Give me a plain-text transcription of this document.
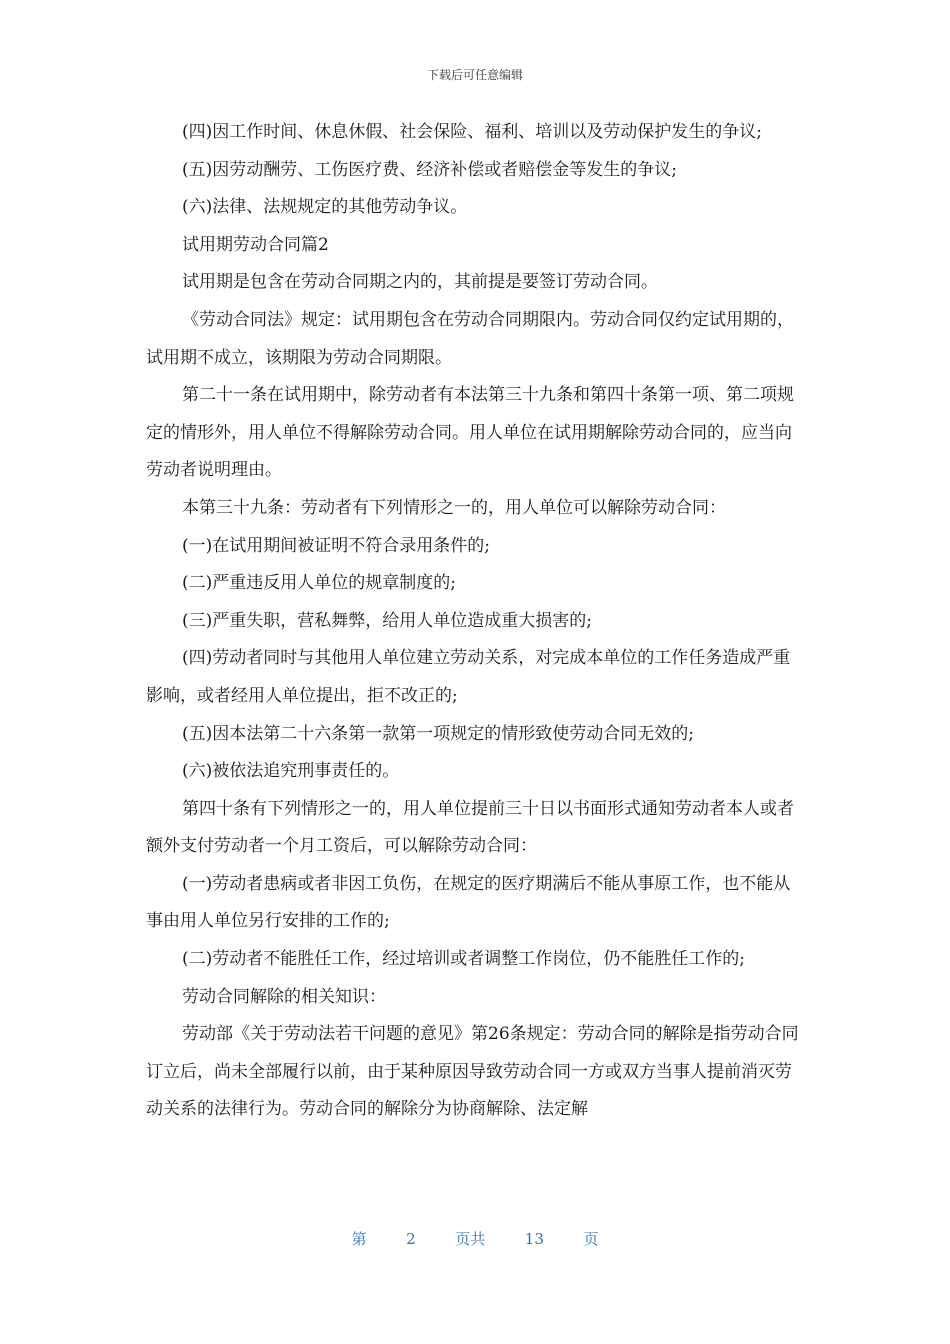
下载后可任意编辑

(四)因工作时间、休息休假、社会保险、福利、培训以及劳动保护发生的争议;

(五)因劳动酬劳、工伤医疗费、经济补偿或者赔偿金等发生的争议;

(六)法律、法规规定的其他劳动争议。

试用期劳动合同篇2

试用期是包含在劳动合同期之内的，其前提是要签订劳动合同。

《劳动合同法》规定：试用期包含在劳动合同期限内。劳动合同仅约定试用期的，试用期不成立，该期限为劳动合同期限。

第二十一条在试用期中，除劳动者有本法第三十九条和第四十条第一项、第二项规定的情形外，用人单位不得解除劳动合同。用人单位在试用期解除劳动合同的，应当向劳动者说明理由。

本第三十九条：劳动者有下列情形之一的，用人单位可以解除劳动合同：

(一)在试用期间被证明不符合录用条件的;

(二)严重违反用人单位的规章制度的;

(三)严重失职，营私舞弊，给用人单位造成重大损害的;

(四)劳动者同时与其他用人单位建立劳动关系，对完成本单位的工作任务造成严重影响，或者经用人单位提出，拒不改正的;

(五)因本法第二十六条第一款第一项规定的情形致使劳动合同无效的;

(六)被依法追究刑事责任的。

第四十条有下列情形之一的，用人单位提前三十日以书面形式通知劳动者本人或者额外支付劳动者一个月工资后，可以解除劳动合同：

(一)劳动者患病或者非因工负伤，在规定的医疗期满后不能从事原工作，也不能从事由用人单位另行安排的工作的;

(二)劳动者不能胜任工作，经过培训或者调整工作岗位，仍不能胜任工作的;

劳动合同解除的相关知识：

劳动部《关于劳动法若干问题的意见》第26条规定：劳动合同的解除是指劳动合同订立后，尚未全部履行以前，由于某种原因导致劳动合同一方或双方当事人提前消灭劳动关系的法律行为。劳动合同的解除分为协商解除、法定解

第	2	页共	13	页
